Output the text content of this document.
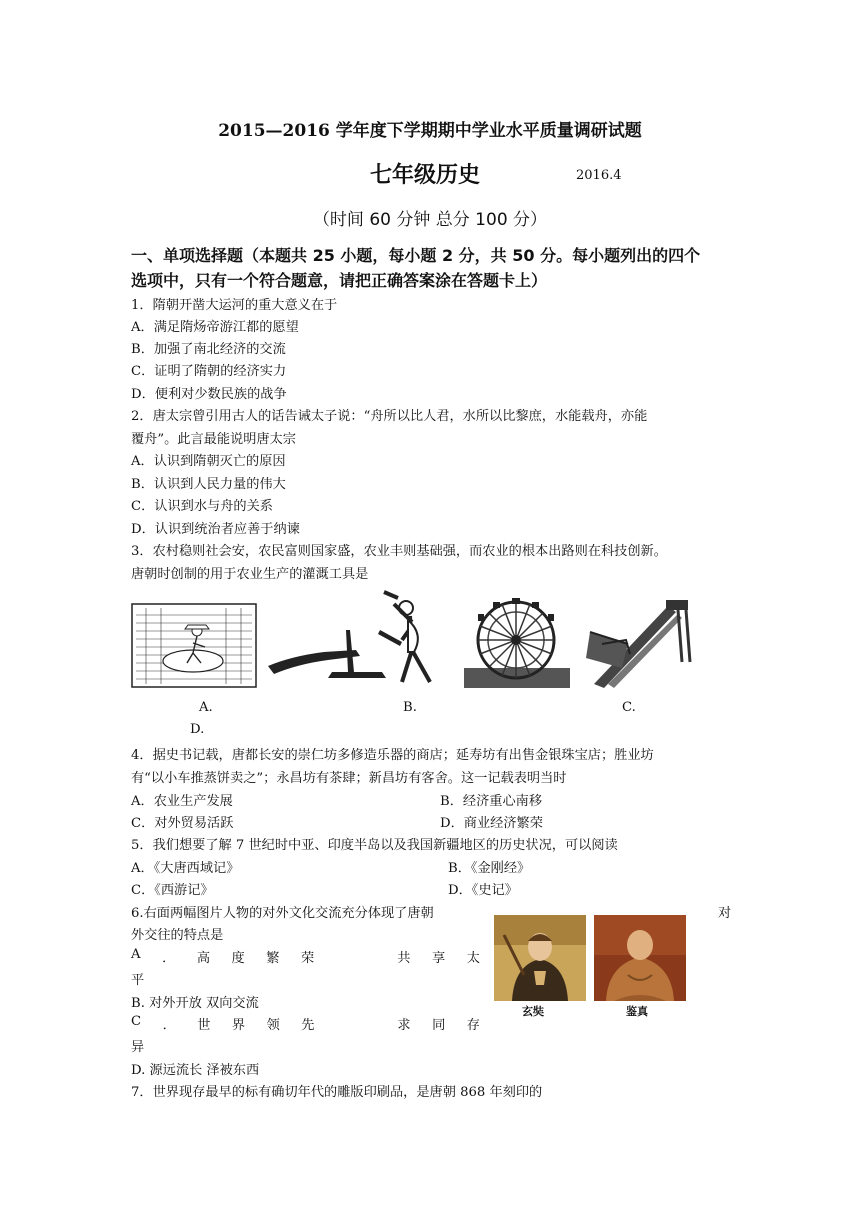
2015—2016 学年度下学期期中学业水平质量调研试题
七年级历史	2016.4
（时间 60 分钟 总分 100 分）
一、单项选择题（本题共 25 小题，每小题 2 分，共 50 分。每小题列出的四个
选项中，只有一个符合题意，请把正确答案涂在答题卡上）
1．隋朝开凿大运河的重大意义在于
A．满足隋炀帝游江都的愿望
B．加强了南北经济的交流
C．证明了隋朝的经济实力
D．便利对少数民族的战争
2．唐太宗曾引用古人的话告诫太子说：“舟所以比人君，水所以比黎庶，水能载舟，亦能
覆舟”。此言最能说明唐太宗
A．认识到隋朝灭亡的原因
B．认识到人民力量的伟大
C．认识到水与舟的关系
D．认识到统治者应善于纳谏
3．农村稳则社会安，农民富则国家盛，农业丰则基础强，而农业的根本出路则在科技创新。
唐朝时创制的用于农业生产的灌溉工具是
A.	B.	C.
D.
4．据史书记载，唐都长安的崇仁坊多修造乐器的商店；延寿坊有出售金银珠宝店；胜业坊
有“以小车推蒸饼卖之”；永昌坊有茶肆；新昌坊有客舍。这一记载表明当时
A．农业生产发展	B．经济重心南移
C．对外贸易活跃	D．商业经济繁荣
5．我们想要了解 7 世纪时中亚、印度半岛以及我国新疆地区的历史状况，可以阅读
A．《大唐西域记》	B．《金刚经》
C．《西游记》	D．《史记》
6.右面两幅图片人物的对外文化交流充分体现了唐朝	对
外交往的特点是
A ． 高 度 繁 荣	共 享 太
平
B. 对外开放 双向交流
C ． 世 界 领 先	求 同 存
异
D. 源远流长 泽被东西
玄奘	鉴真
7．世界现存最早的标有确切年代的雕版印刷品，是唐朝 868 年刻印的
